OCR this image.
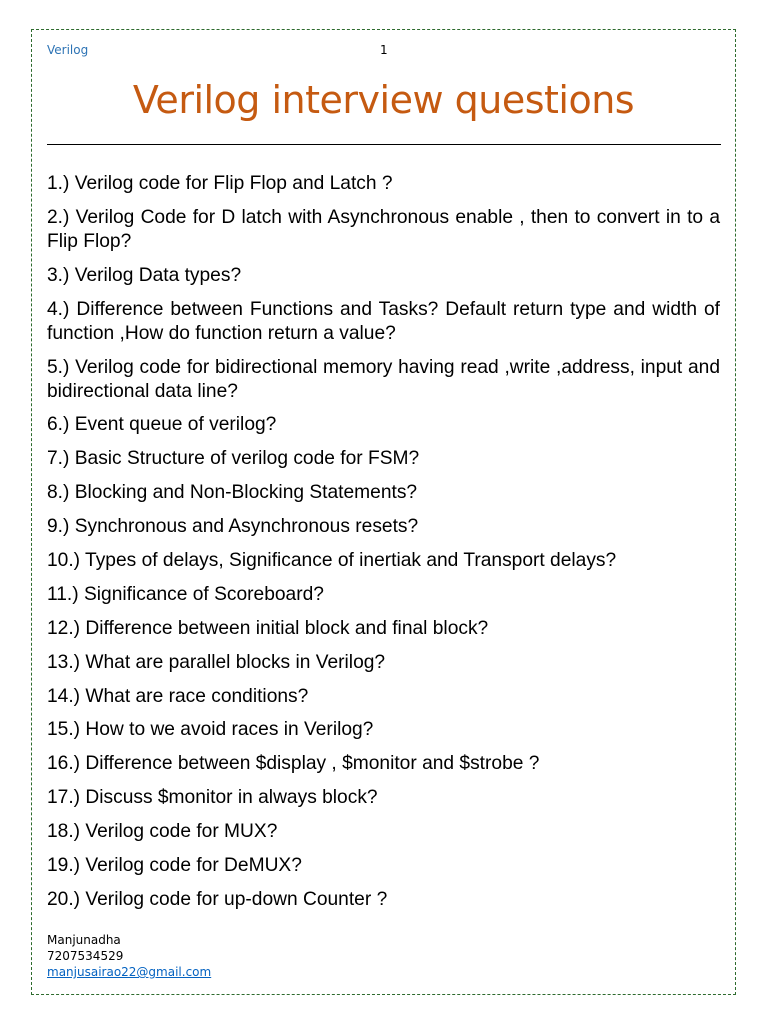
Verilog	1
Verilog interview questions
1.) Verilog code for Flip Flop and Latch ?
2.) Verilog Code for D latch with Asynchronous enable , then to convert in to a Flip Flop?
3.) Verilog Data types?
4.) Difference between Functions and Tasks? Default return type and width of function ,How do function return a value?
5.) Verilog code for bidirectional memory having read ,write ,address, input and bidirectional data line?
6.) Event queue of verilog?
7.) Basic Structure of verilog code for FSM?
8.) Blocking and Non-Blocking Statements?
9.) Synchronous and Asynchronous resets?
10.) Types of delays, Significance of inertiak and Transport delays?
11.) Significance of Scoreboard?
12.) Difference between initial block and final block?
13.) What are parallel blocks in Verilog?
14.) What are race conditions?
15.) How to we avoid races in Verilog?
16.) Difference between $display , $monitor and $strobe ?
17.) Discuss $monitor in always block?
18.) Verilog code for MUX?
19.) Verilog code for DeMUX?
20.) Verilog code for up-down Counter ?
Manjunadha
7207534529
manjusairao22@gmail.com
